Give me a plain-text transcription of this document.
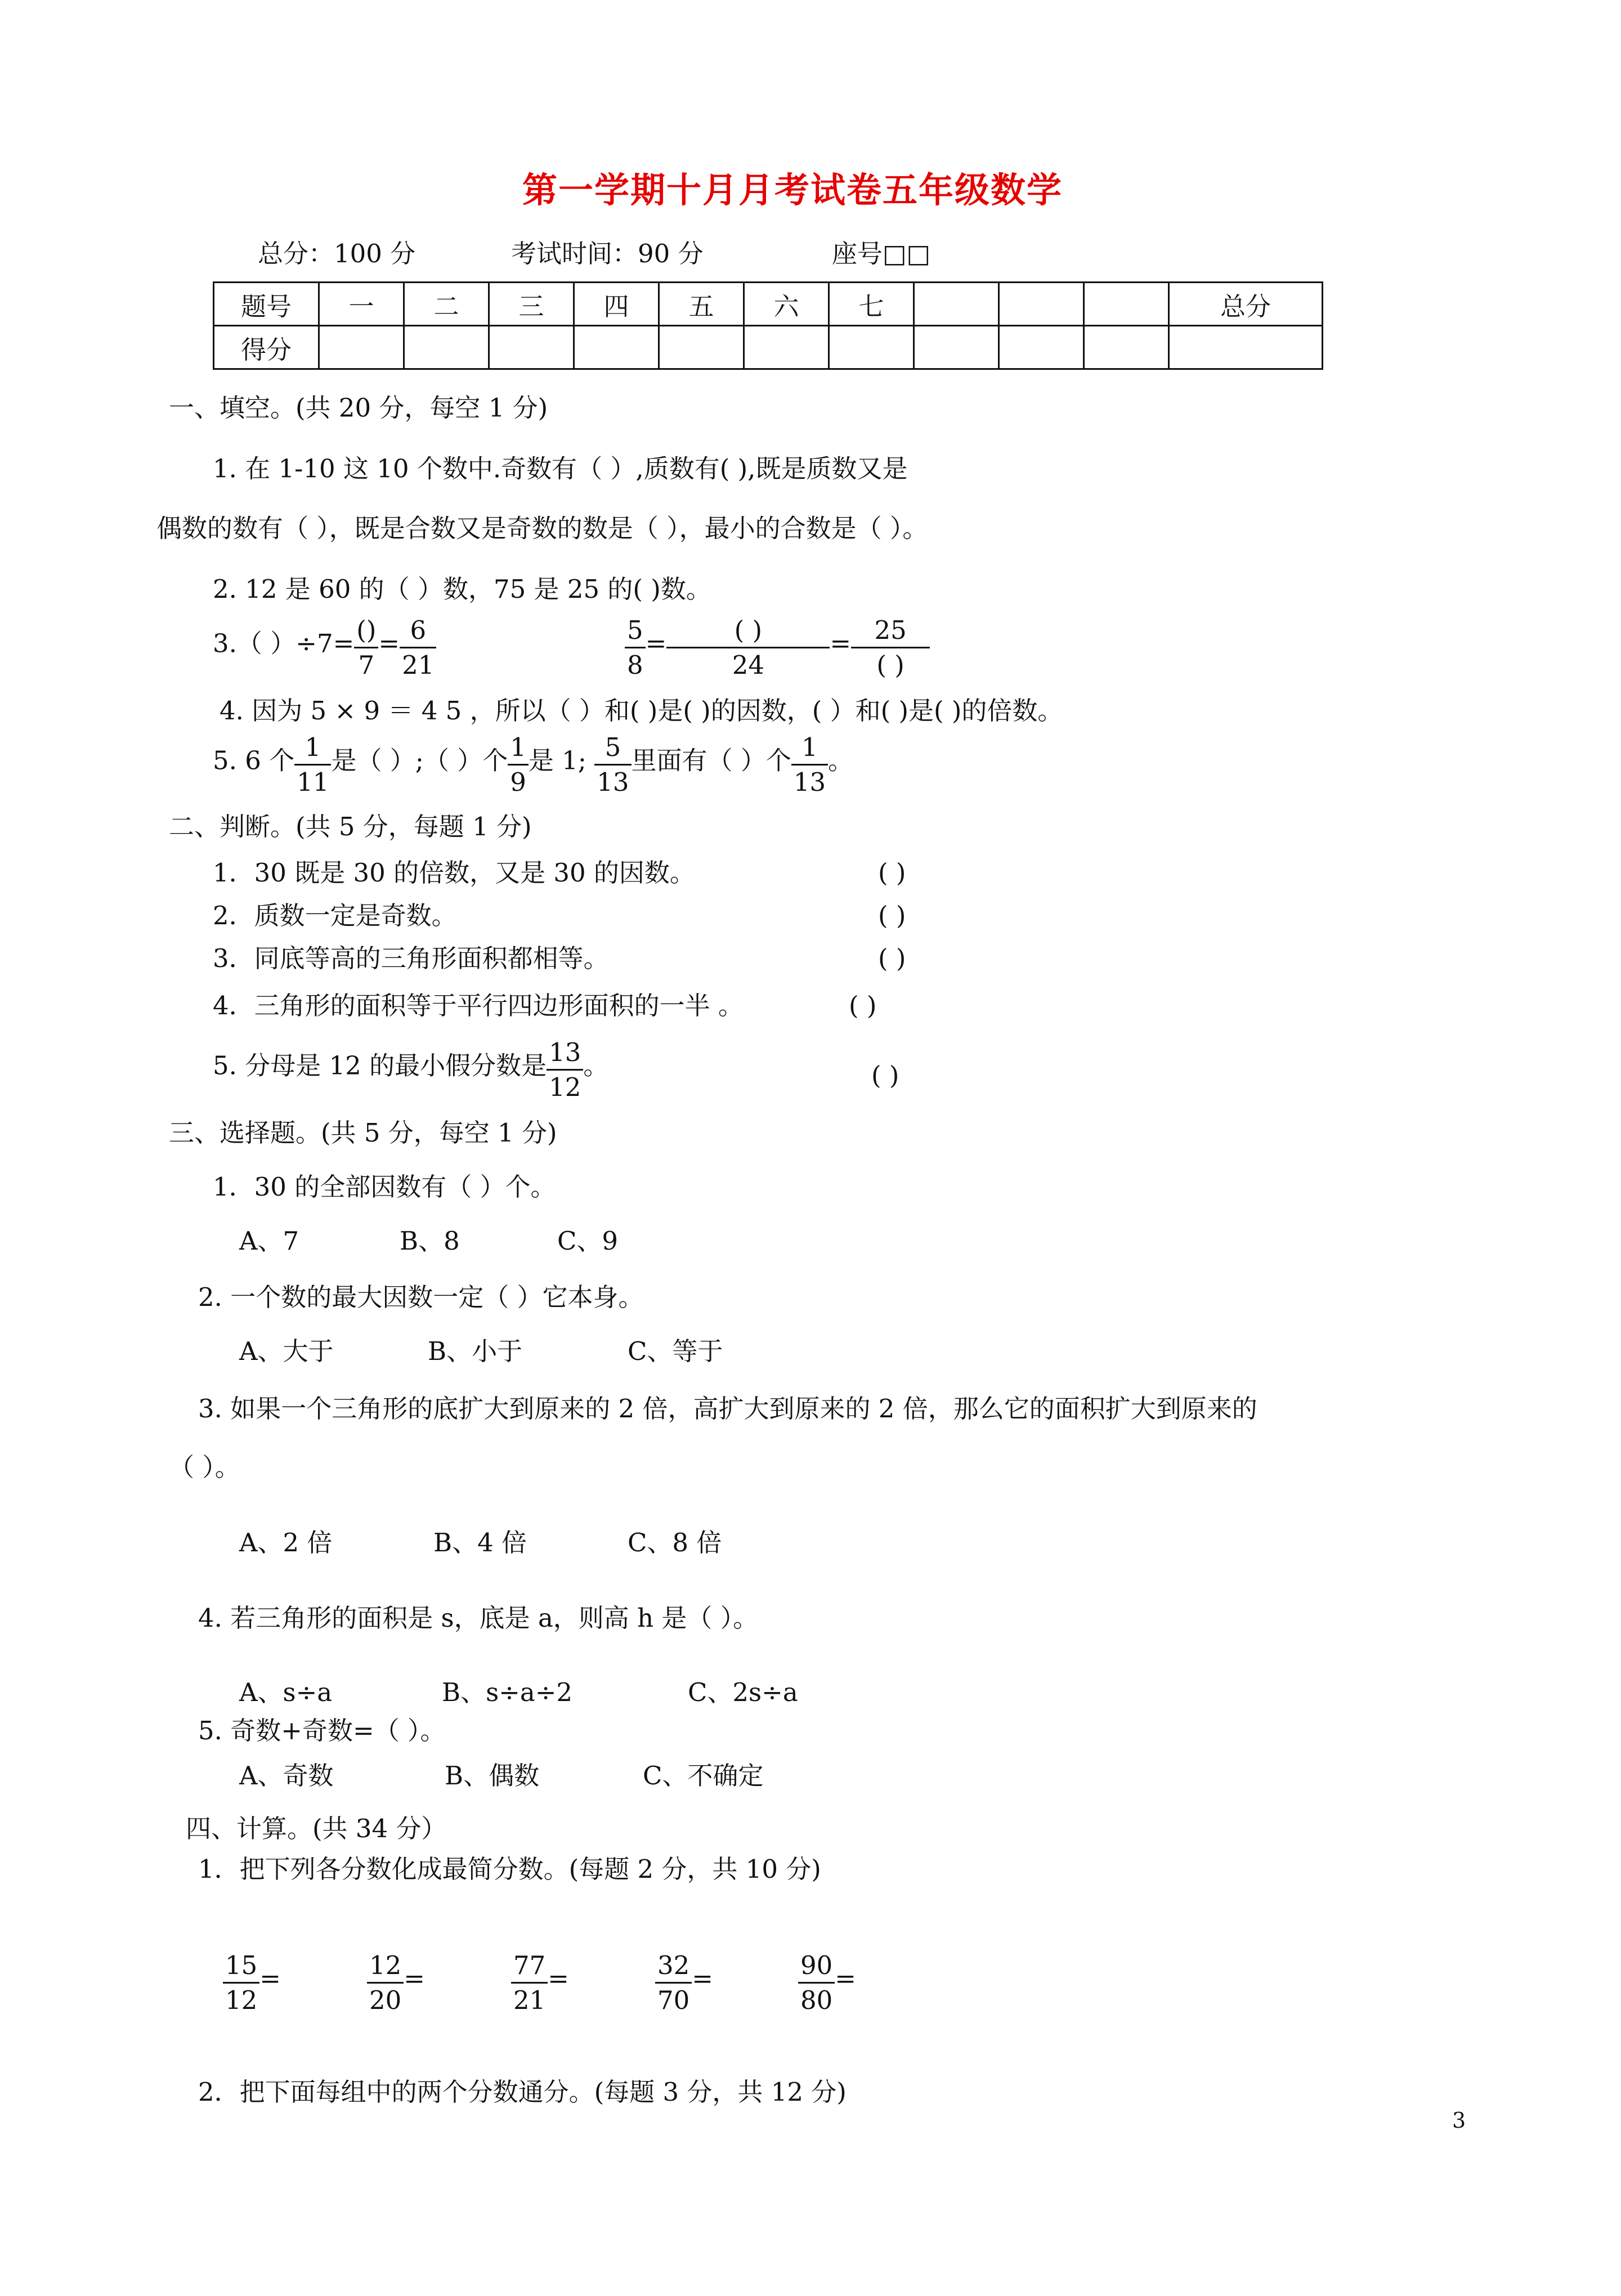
第一学期十月月考试卷五年级数学
总分：100 分	考试时间：90 分	座号□□
题号	一	二	三	四	五	六	七				总分
得分											
一、填空。(共 20 分，每空 1 分)
1. 在 1-10 这 10 个数中.奇数有（ ）,质数有( ),既是质数又是
偶数的数有（ ），既是合数又是奇数的数是（ ），最小的合数是（ ）。
2. 12 是 60 的（ ）数，75 是 25 的( )数。
3.（ ）$\div 7= \frac{()}{7} = \frac{6}{21}$	$\frac{5}{8} = \frac{( )}{24} = \frac{25}{( )}$
4. 因为 5 × 9 ＝ 4 5 ，所以（ ）和( )是( )的因数，( ）和( )是( )的倍数。
5. 6 个 $\frac{1}{11}$ 是（ ）;（ ）个 $\frac{1}{9}$ 是 1; $\frac{5}{13}$ 里面有（ ）个 $\frac{1}{13}$ 。
二、判断。(共 5 分，每题 1 分)
1．30 既是 30 的倍数，又是 30 的因数。	( )
2．质数一定是奇数。	( )
3．同底等高的三角形面积都相等。	( )
4．三角形的面积等于平行四边形面积的一半 。	( )
5. 分母是 12 的最小假分数是 $\frac{13}{12}$ 。	( )
三、选择题。(共 5 分，每空 1 分)
1．30 的全部因数有（ ）个。
A、7	B、8	C、9
2. 一个数的最大因数一定（ ）它本身。
A、大于	B、小于	C、等于
3. 如果一个三角形的底扩大到原来的 2 倍，高扩大到原来的 2 倍，那么它的面积扩大到原来的
（ ）。
A、2 倍	B、4 倍	C、8 倍
4. 若三角形的面积是 s，底是 a，则高 h 是（ ）。
A、s÷a	B、s÷a÷2	C、2s÷a
5. 奇数+奇数=（ ）。
A、奇数	B、偶数	C、不确定
四、计算。(共 34 分）
1．把下列各分数化成最简分数。(每题 2 分，共 10 分)
$\frac{15}{12}$ =	$\frac{12}{20}$ =	$\frac{77}{21}$ =	$\frac{32}{70}$ =	$\frac{90}{80}$ =
2．把下面每组中的两个分数通分。(每题 3 分，共 12 分)
3
